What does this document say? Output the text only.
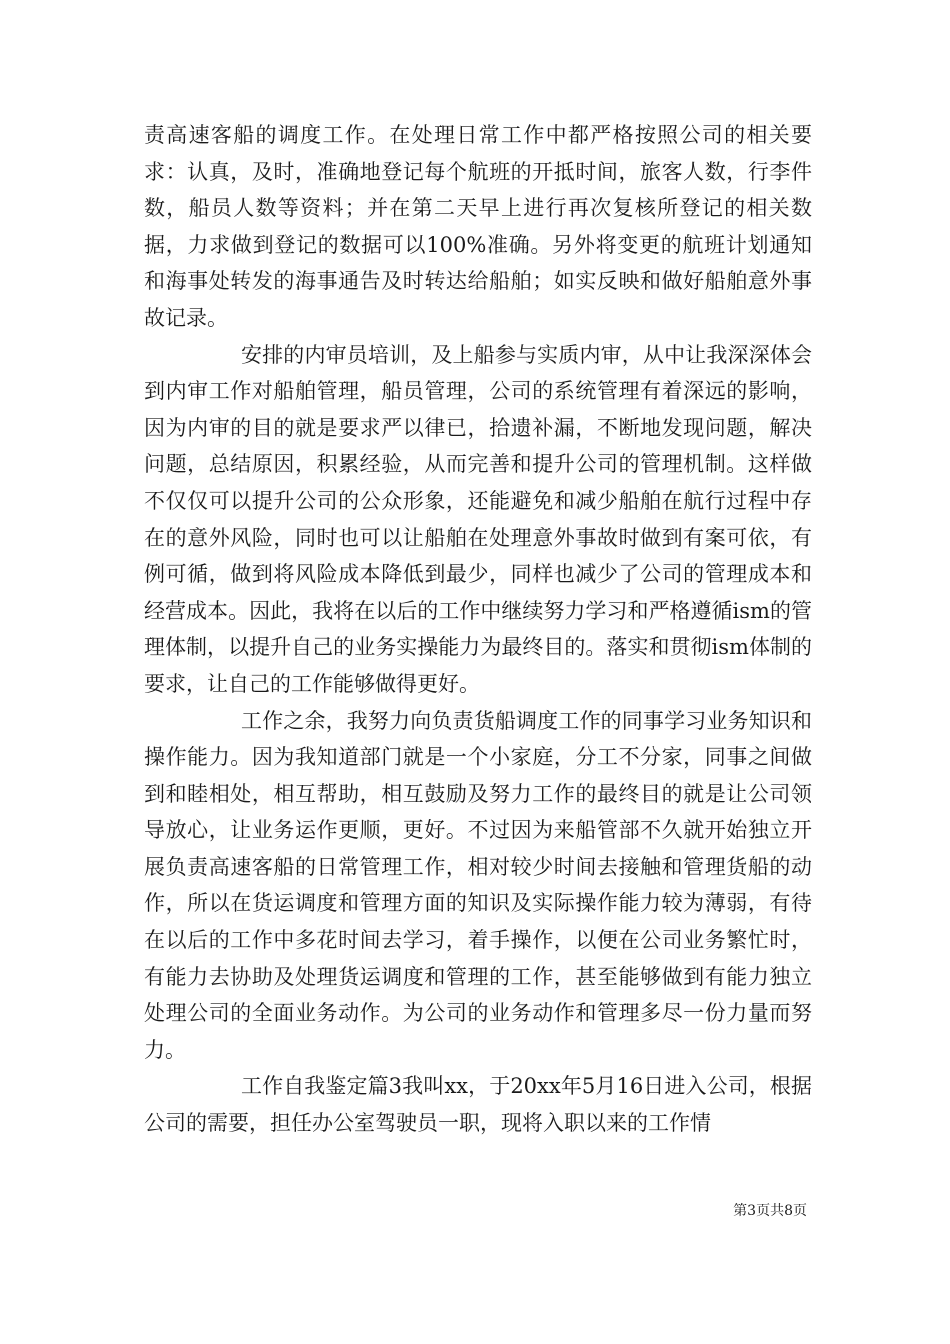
责高速客船的调度工作。在处理日常工作中都严格按照公司的相关要求：认真，及时，准确地登记每个航班的开抵时间，旅客人数，行李件数，船员人数等资料；并在第二天早上进行再次复核所登记的相关数据，力求做到登记的数据可以100%准确。另外将变更的航班计划通知和海事处转发的海事通告及时转达给船舶；如实反映和做好船舶意外事故记录。

安排的内审员培训，及上船参与实质内审，从中让我深深体会到内审工作对船舶管理，船员管理，公司的系统管理有着深远的影响，因为内审的目的就是要求严以律已，拾遗补漏，不断地发现问题，解决问题，总结原因，积累经验，从而完善和提升公司的管理机制。这样做不仅仅可以提升公司的公众形象，还能避免和减少船舶在航行过程中存在的意外风险，同时也可以让船舶在处理意外事故时做到有案可依，有例可循，做到将风险成本降低到最少，同样也减少了公司的管理成本和经营成本。因此，我将在以后的工作中继续努力学习和严格遵循ism的管理体制，以提升自己的业务实操能力为最终目的。落实和贯彻ism体制的要求，让自己的工作能够做得更好。

工作之余，我努力向负责货船调度工作的同事学习业务知识和操作能力。因为我知道部门就是一个小家庭，分工不分家，同事之间做到和睦相处，相互帮助，相互鼓励及努力工作的最终目的就是让公司领导放心，让业务运作更顺，更好。不过因为来船管部不久就开始独立开展负责高速客船的日常管理工作，相对较少时间去接触和管理货船的动作，所以在货运调度和管理方面的知识及实际操作能力较为薄弱，有待在以后的工作中多花时间去学习，着手操作，以便在公司业务繁忙时，有能力去协助及处理货运调度和管理的工作，甚至能够做到有能力独立处理公司的全面业务动作。为公司的业务动作和管理多尽一份力量而努力。

工作自我鉴定篇3我叫xx，于20xx年5月16日进入公司，根据公司的需要，担任办公室驾驶员一职，现将入职以来的工作情

第3页共8页
